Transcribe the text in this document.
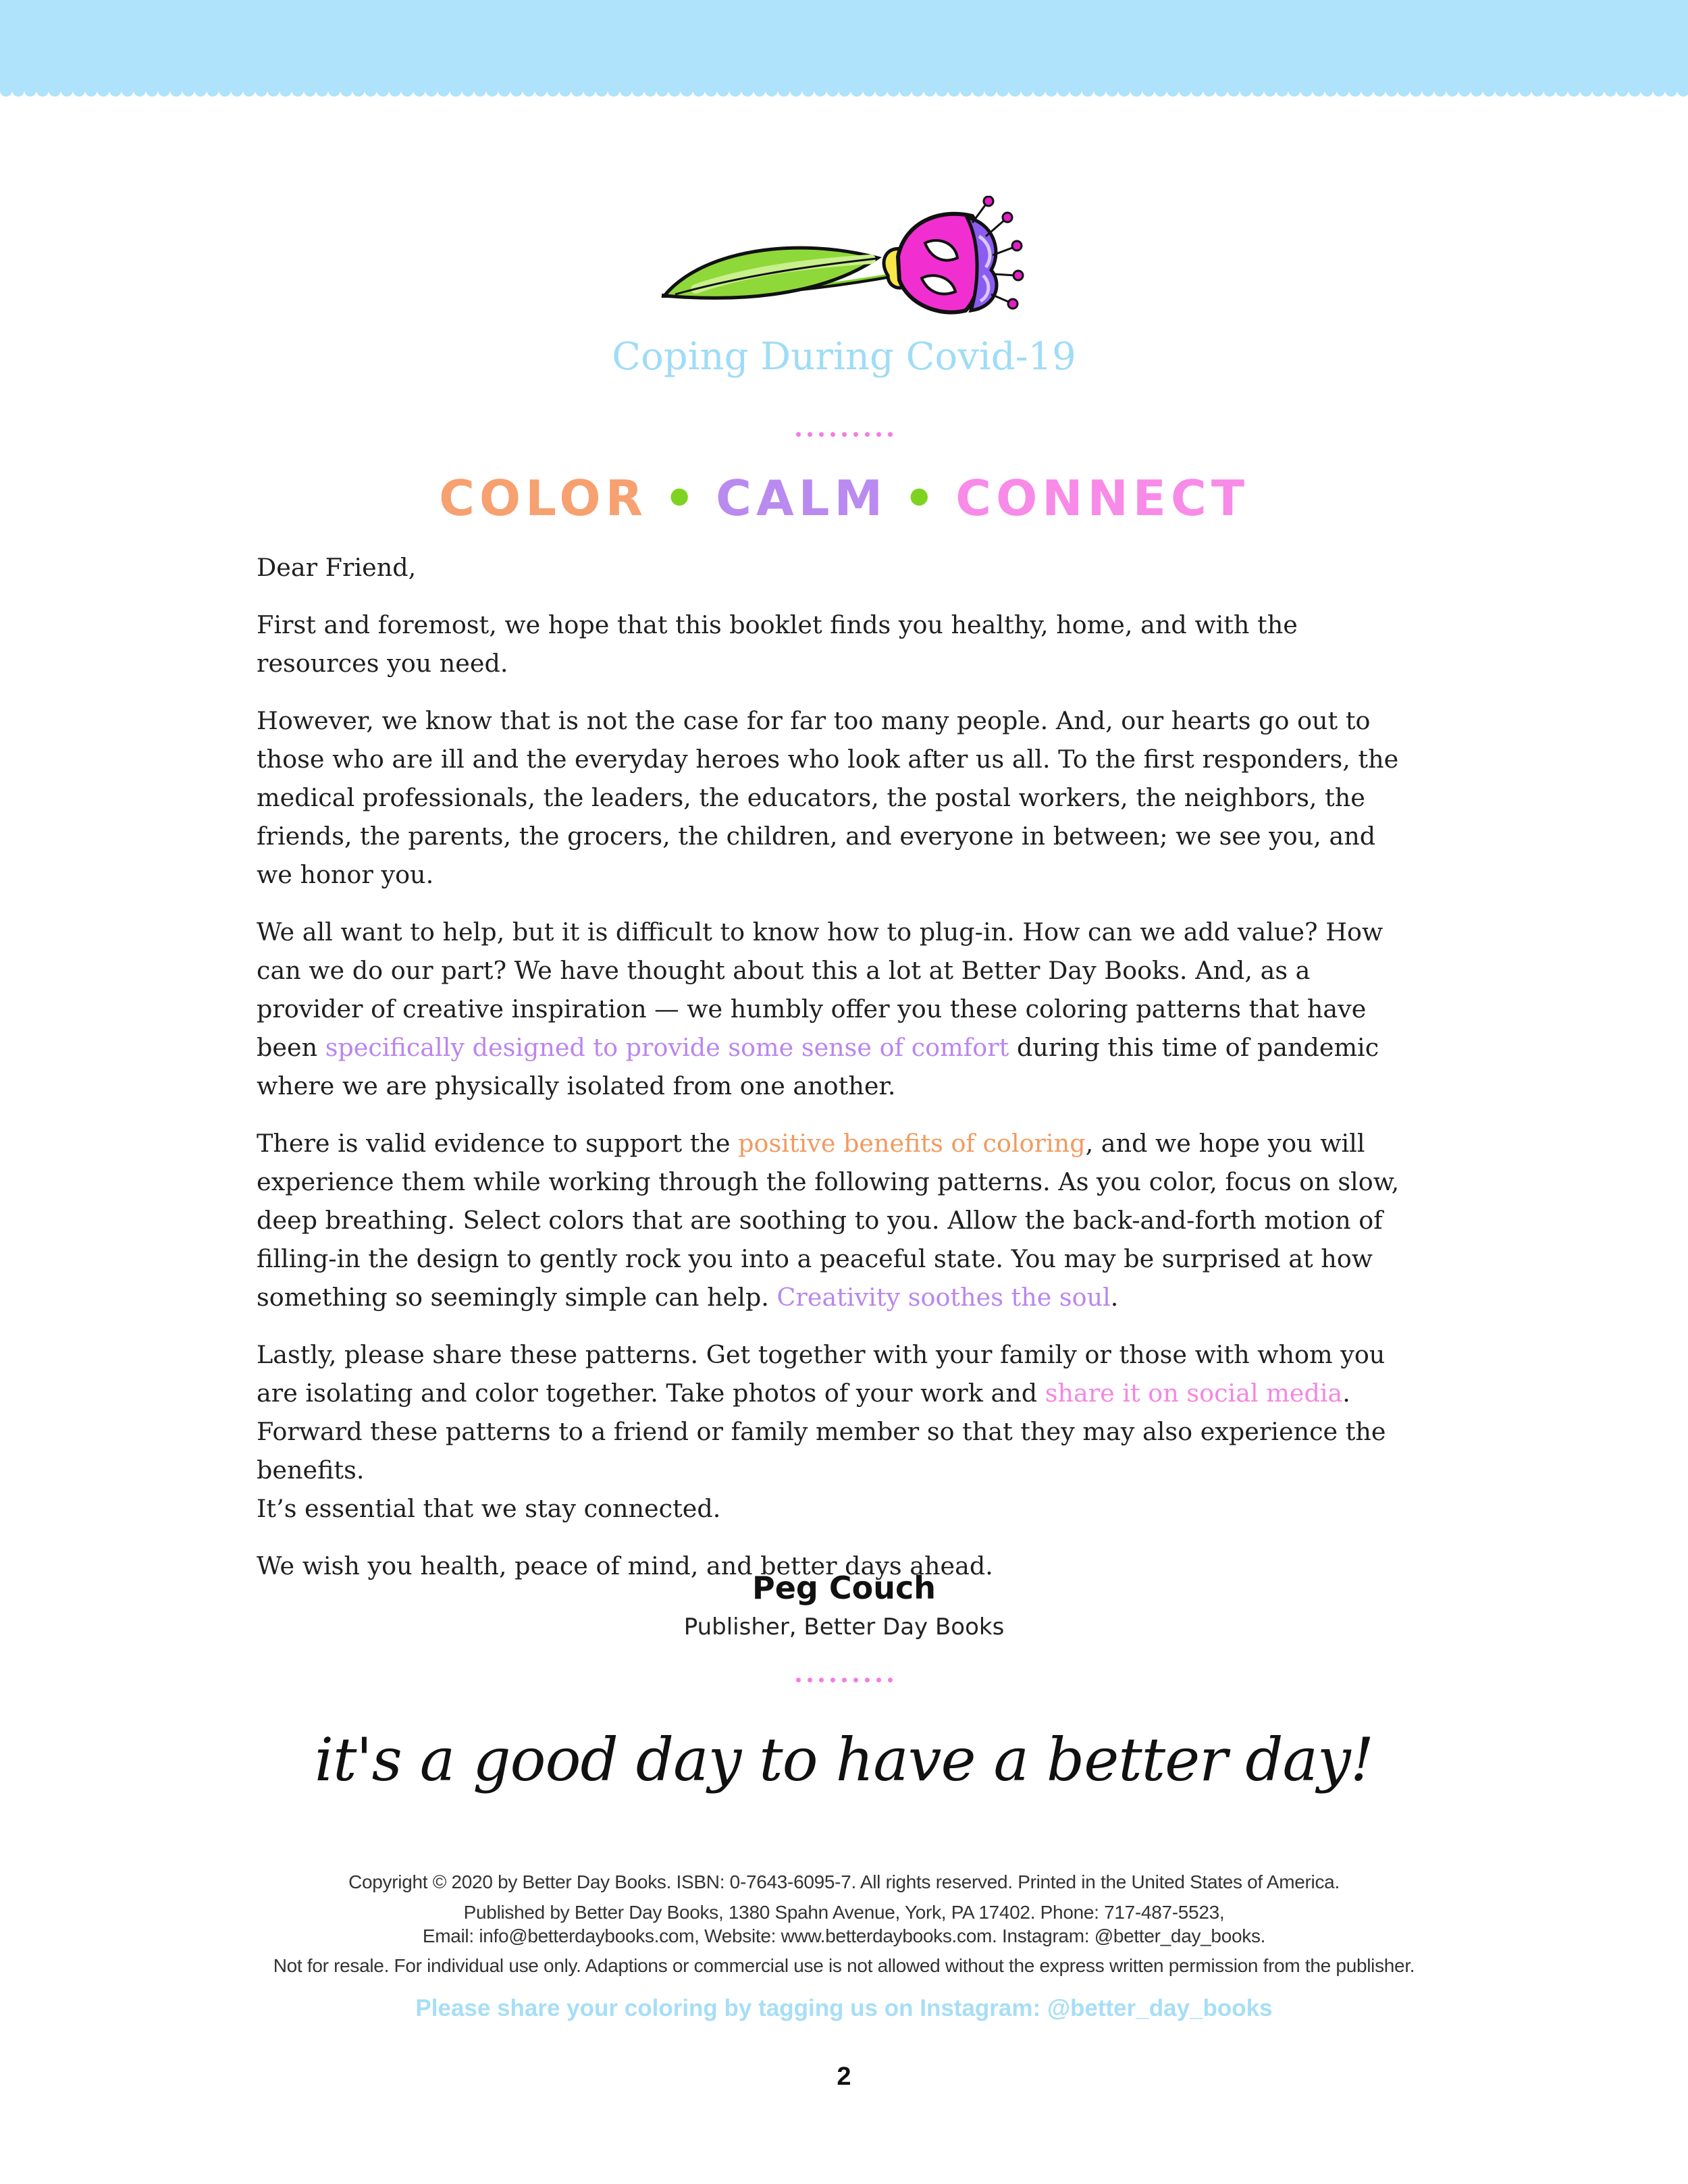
Coping During Covid-19
COLOR • CALM • CONNECT

Dear Friend,

First and foremost, we hope that this booklet finds you healthy, home, and with the resources you need.

However, we know that is not the case for far too many people. And, our hearts go out to those who are ill and the everyday heroes who look after us all. To the first responders, the medical professionals, the leaders, the educators, the postal workers, the neighbors, the friends, the parents, the grocers, the children, and everyone in between; we see you, and we honor you.

We all want to help, but it is difficult to know how to plug-in. How can we add value? How can we do our part? We have thought about this a lot at Better Day Books. And, as a provider of creative inspiration — we humbly offer you these coloring patterns that have been specifically designed to provide some sense of comfort during this time of pandemic where we are physically isolated from one another.

There is valid evidence to support the positive benefits of coloring, and we hope you will experience them while working through the following patterns. As you color, focus on slow, deep breathing. Select colors that are soothing to you. Allow the back-and-forth motion of filling-in the design to gently rock you into a peaceful state. You may be surprised at how something so seemingly simple can help. Creativity soothes the soul.

Lastly, please share these patterns. Get together with your family or those with whom you are isolating and color together. Take photos of your work and share it on social media. Forward these patterns to a friend or family member so that they may also experience the benefits.
It’s essential that we stay connected.

We wish you health, peace of mind, and better days ahead.

Peg Couch
Publisher, Better Day Books
it's a good day to have a better day!
Copyright © 2020 by Better Day Books. ISBN: 0-7643-6095-7. All rights reserved. Printed in the United States of America.
Published by Better Day Books, 1380 Spahn Avenue, York, PA 17402. Phone: 717-487-5523,
Email: info@betterdaybooks.com, Website: www.betterdaybooks.com. Instagram: @better_day_books.
Not for resale. For individual use only. Adaptions or commercial use is not allowed without the express written permission from the publisher.
Please share your coloring by tagging us on Instagram: @better_day_books
2
